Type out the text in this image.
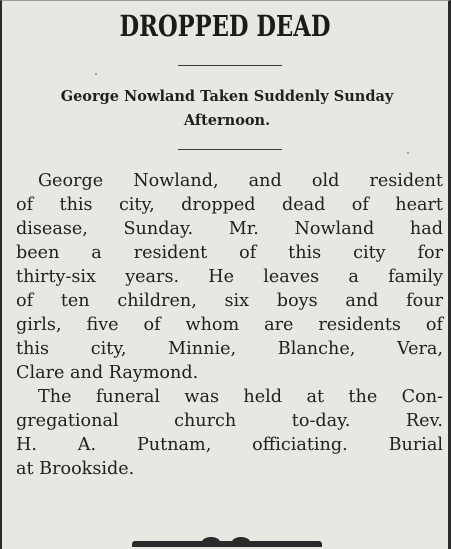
DROPPED DEAD
George Nowland Taken Suddenly Sunday
Afternoon.
George Nowland, and old resident
of this city, dropped dead of heart
disease, Sunday. Mr. Nowland had
been a resident of this city for
thirty-six years. He leaves a family
of ten children, six boys and four
girls, five of whom are residents of
this city, Minnie, Blanche, Vera,
Clare and Raymond.
The funeral was held at the Con-
gregational church to-day. Rev.
H. A. Putnam, officiating. Burial
at Brookside.
